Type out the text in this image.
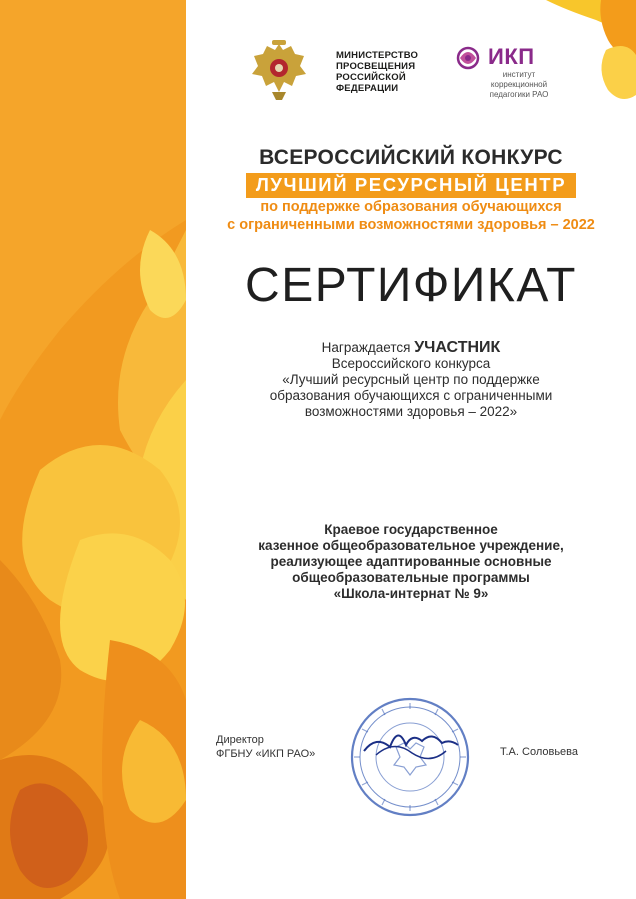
МИНИСТЕРСТВО
ПРОСВЕЩЕНИЯ
РОССИЙСКОЙ
ФЕДЕРАЦИИ
ИКП
институт
коррекционной
педагогики РАО
ВСЕРОССИЙСКИЙ КОНКУРС
ЛУЧШИЙ РЕСУРСНЫЙ ЦЕНТР
по поддержке образования обучающихся
с ограниченными возможностями здоровья – 2022
СЕРТИФИКАТ
Награждается УЧАСТНИК
Всероссийского конкурса
«Лучший ресурсный центр по поддержке
образования обучающихся с ограниченными
возможностями здоровья – 2022»
Краевое государственное
казенное общеобразовательное учреждение,
реализующее адаптированные основные
общеобразовательные программы
«Школа-интернат № 9»
Директор
ФГБНУ «ИКП РАО»	Т.А. Соловьева
